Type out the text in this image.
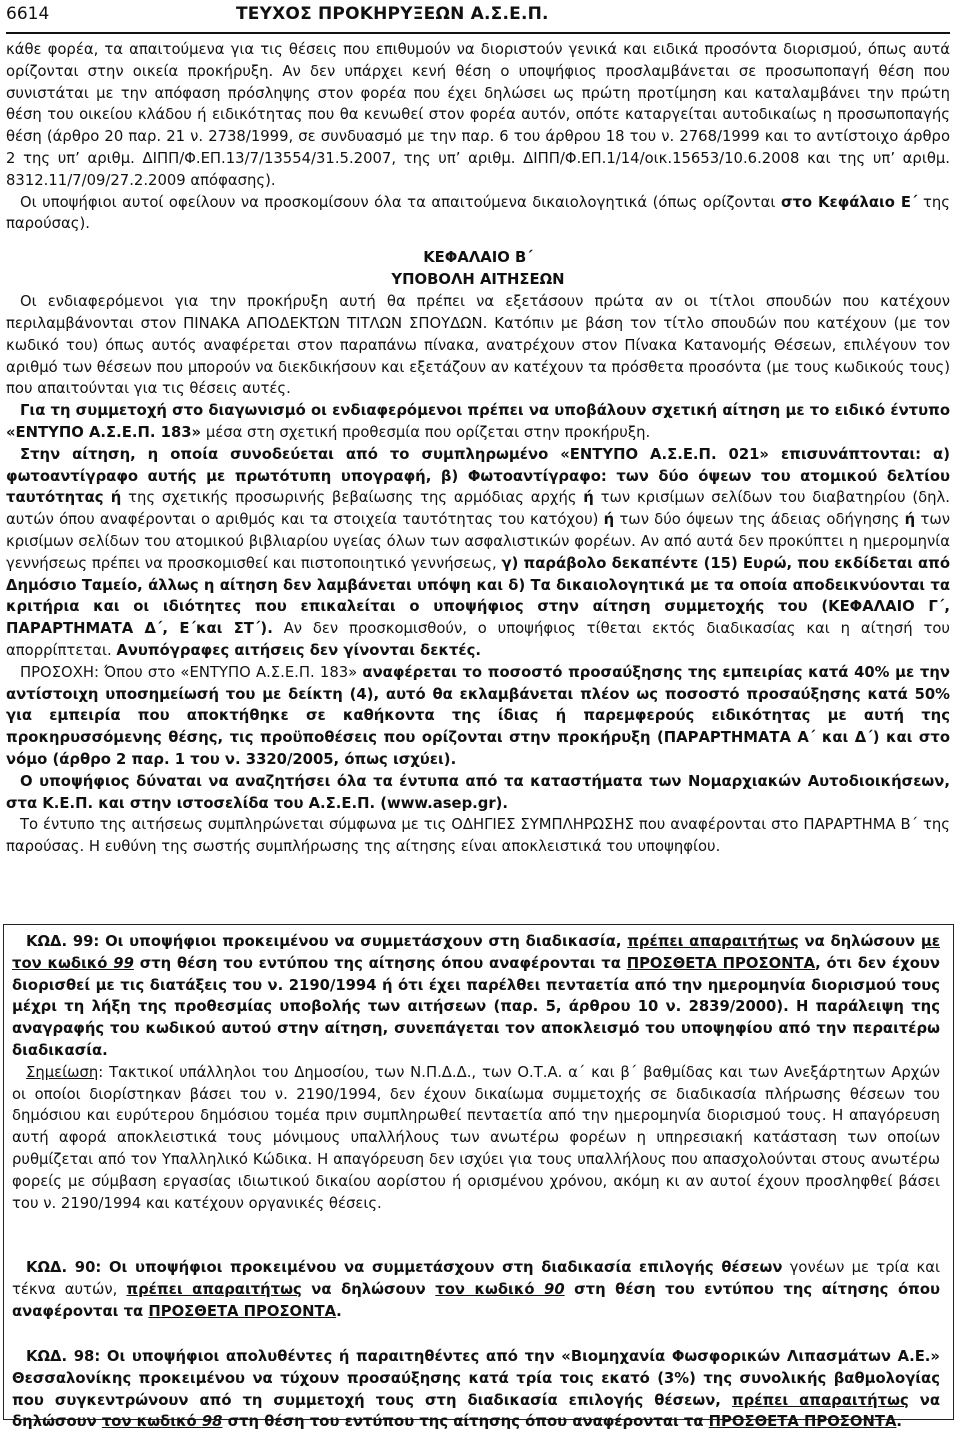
6614	ΤΕΥΧΟΣ ΠΡΟΚΗΡΥΞΕΩΝ Α.Σ.Ε.Π.

κάθε φορέα, τα απαιτούμενα για τις θέσεις που επιθυμούν να διοριστούν γενικά και ειδικά προσόντα διορισμού, όπως αυτά ορίζονται στην οικεία προκήρυξη. Αν δεν υπάρχει κενή θέση ο υποψήφιος προσλαμβάνεται σε προσωποπαγή θέση που συνιστάται με την απόφαση πρόσληψης στον φορέα που έχει δηλώσει ως πρώτη προτίμηση και καταλαμβάνει την πρώτη θέση του οικείου κλάδου ή ειδικότητας που θα κενωθεί στον φορέα αυτόν, οπότε καταργείται αυτοδικαίως η προσωποπαγής θέση (άρθρο 20 παρ. 21 ν. 2738/1999, σε συνδυασμό με την παρ. 6 του άρθρου 18 του ν. 2768/1999 και το αντίστοιχο άρθρο 2 της υπ’ αριθμ. ΔΙΠΠ/Φ.ΕΠ.13/7/13554/31.5.2007, της υπ’ αριθμ. ΔΙΠΠ/Φ.ΕΠ.1/14/οικ.15653/10.6.2008 και της υπ’ αριθμ. 8312.11/7/09/27.2.2009 απόφασης).

Οι υποψήφιοι αυτοί οφείλουν να προσκομίσουν όλα τα απαιτούμενα δικαιολογητικά (όπως ορίζονται στο Κεφάλαιο Ε΄ της παρούσας).

ΚΕΦΑΛΑΙΟ Β΄
ΥΠΟΒΟΛΗ ΑΙΤΗΣΕΩΝ

Οι ενδιαφερόμενοι για την προκήρυξη αυτή θα πρέπει να εξετάσουν πρώτα αν οι τίτλοι σπουδών που κατέχουν περιλαμβάνονται στον ΠΙΝΑΚΑ ΑΠΟΔΕΚΤΩΝ ΤΙΤΛΩΝ ΣΠΟΥΔΩΝ. Κατόπιν με βάση τον τίτλο σπουδών που κατέχουν (με τον κωδικό του) όπως αυτός αναφέρεται στον παραπάνω πίνακα, ανατρέχουν στον Πίνακα Κατανομής Θέσεων, επιλέγουν τον αριθμό των θέσεων που μπορούν να διεκδικήσουν και εξετάζουν αν κατέχουν τα πρόσθετα προσόντα (με τους κωδικούς τους) που απαιτούνται για τις θέσεις αυτές.

Για τη συμμετοχή στο διαγωνισμό οι ενδιαφερόμενοι πρέπει να υποβάλουν σχετική αίτηση με το ειδικό έντυπο «ΕΝΤΥΠΟ Α.Σ.Ε.Π. 183» μέσα στη σχετική προθεσμία που ορίζεται στην προκήρυξη.

Στην αίτηση, η οποία συνοδεύεται από το συμπληρωμένο «ΕΝΤΥΠΟ Α.Σ.Ε.Π. 021» επισυνάπτονται: α) φωτοαντίγραφο αυτής με πρωτότυπη υπογραφή, β) Φωτοαντίγραφο: των δύο όψεων του ατομικού δελτίου ταυτότητας ή της σχετικής προσωρινής βεβαίωσης της αρμόδιας αρχής ή των κρισίμων σελίδων του διαβατηρίου (δηλ. αυτών όπου αναφέρονται ο αριθμός και τα στοιχεία ταυτότητας του κατόχου) ή των δύο όψεων της άδειας οδήγησης ή των κρισίμων σελίδων του ατομικού βιβλιαρίου υγείας όλων των ασφαλιστικών φορέων. Αν από αυτά δεν προκύπτει η ημερομηνία γεννήσεως πρέπει να προσκομισθεί και πιστοποιητικό γεννήσεως, γ) παράβολο δεκαπέντε (15) Ευρώ, που εκδίδεται από Δημόσιο Ταμείο, άλλως η αίτηση δεν λαμβάνεται υπόψη και δ) Τα δικαιολογητικά με τα οποία αποδεικνύονται τα κριτήρια και οι ιδιότητες που επικαλείται ο υποψήφιος στην αίτηση συμμετοχής του (ΚΕΦΑΛΑΙΟ Γ΄, ΠΑΡΑΡΤΗΜΑΤΑ Δ΄, Ε΄και ΣΤ΄). Αν δεν προσκομισθούν, ο υποψήφιος τίθεται εκτός διαδικασίας και η αίτησή του απορρίπτεται. Ανυπόγραφες αιτήσεις δεν γίνονται δεκτές.

ΠΡΟΣΟΧΗ: Όπου στο «ΕΝΤΥΠΟ Α.Σ.Ε.Π. 183» αναφέρεται το ποσοστό προσαύξησης της εμπειρίας κατά 40% με την αντίστοιχη υποσημείωσή του με δείκτη (4), αυτό θα εκλαμβάνεται πλέον ως ποσοστό προσαύξησης κατά 50% για εμπειρία που αποκτήθηκε σε καθήκοντα της ίδιας ή παρεμφερούς ειδικότητας με αυτή της προκηρυσσόμενης θέσης, τις προϋποθέσεις που ορίζονται στην προκήρυξη (ΠΑΡΑΡΤΗΜΑΤΑ Α΄ και Δ΄) και στο νόμο (άρθρο 2 παρ. 1 του ν. 3320/2005, όπως ισχύει).

Ο υποψήφιος δύναται να αναζητήσει όλα τα έντυπα από τα καταστήματα των Νομαρχιακών Αυτοδιοικήσεων, στα Κ.Ε.Π. και στην ιστοσελίδα του Α.Σ.Ε.Π. (www.asep.gr).

Το έντυπο της αιτήσεως συμπληρώνεται σύμφωνα με τις ΟΔΗΓΙΕΣ ΣΥΜΠΛΗΡΩΣΗΣ που αναφέρονται στο ΠΑΡΑΡΤΗΜΑ Β΄ της παρούσας. Η ευθύνη της σωστής συμπλήρωσης της αίτησης είναι αποκλειστικά του υποψηφίου.

ΚΩΔ. 99: Οι υποψήφιοι προκειμένου να συμμετάσχουν στη διαδικασία, πρέπει απαραιτήτως να δηλώσουν με τον κωδικό 99 στη θέση του εντύπου της αίτησης όπου αναφέρονται τα ΠΡΟΣΘΕΤΑ ΠΡΟΣΟΝΤΑ, ότι δεν έχουν διορισθεί με τις διατάξεις του ν. 2190/1994 ή ότι έχει παρέλθει πενταετία από την ημερομηνία διορισμού τους μέχρι τη λήξη της προθεσμίας υποβολής των αιτήσεων (παρ. 5, άρθρου 10 ν. 2839/2000). Η παράλειψη της αναγραφής του κωδικού αυτού στην αίτηση, συνεπάγεται τον αποκλεισμό του υποψηφίου από την περαιτέρω διαδικασία.

Σημείωση: Τακτικοί υπάλληλοι του Δημοσίου, των Ν.Π.Δ.Δ., των Ο.Τ.Α. α΄ και β΄ βαθμίδας και των Ανεξάρτητων Αρχών οι οποίοι διορίστηκαν βάσει του ν. 2190/1994, δεν έχουν δικαίωμα συμμετοχής σε διαδικασία πλήρωσης θέσεων του δημόσιου και ευρύτερου δημόσιου τομέα πριν συμπληρωθεί πενταετία από την ημερομηνία διορισμού τους. Η απαγόρευση αυτή αφορά αποκλειστικά τους μόνιμους υπαλλήλους των ανωτέρω φορέων η υπηρεσιακή κατάσταση των οποίων ρυθμίζεται από τον Υπαλληλικό Κώδικα. Η απαγόρευση δεν ισχύει για τους υπαλλήλους που απασχολούνται στους ανωτέρω φορείς με σύμβαση εργασίας ιδιωτικού δικαίου αορίστου ή ορισμένου χρόνου, ακόμη κι αν αυτοί έχουν προσληφθεί βάσει του ν. 2190/1994 και κατέχουν οργανικές θέσεις.

ΚΩΔ. 90: Οι υποψήφιοι προκειμένου να συμμετάσχουν στη διαδικασία επιλογής θέσεων γονέων με τρία και τέκνα αυτών, πρέπει απαραιτήτως να δηλώσουν τον κωδικό 90 στη θέση του εντύπου της αίτησης όπου αναφέρονται τα ΠΡΟΣΘΕΤΑ ΠΡΟΣΟΝΤΑ.

ΚΩΔ. 98: Οι υποψήφιοι απολυθέντες ή παραιτηθέντες από την «Βιομηχανία Φωσφορικών Λιπασμάτων Α.Ε.» Θεσσαλονίκης προκειμένου να τύχουν προσαύξησης κατά τρία τοις εκατό (3%) της συνολικής βαθμολογίας που συγκεντρώνουν από τη συμμετοχή τους στη διαδικασία επιλογής θέσεων, πρέπει απαραιτήτως να δηλώσουν τον κωδικό 98 στη θέση του εντύπου της αίτησης όπου αναφέρονται τα ΠΡΟΣΘΕΤΑ ΠΡΟΣΟΝΤΑ.
